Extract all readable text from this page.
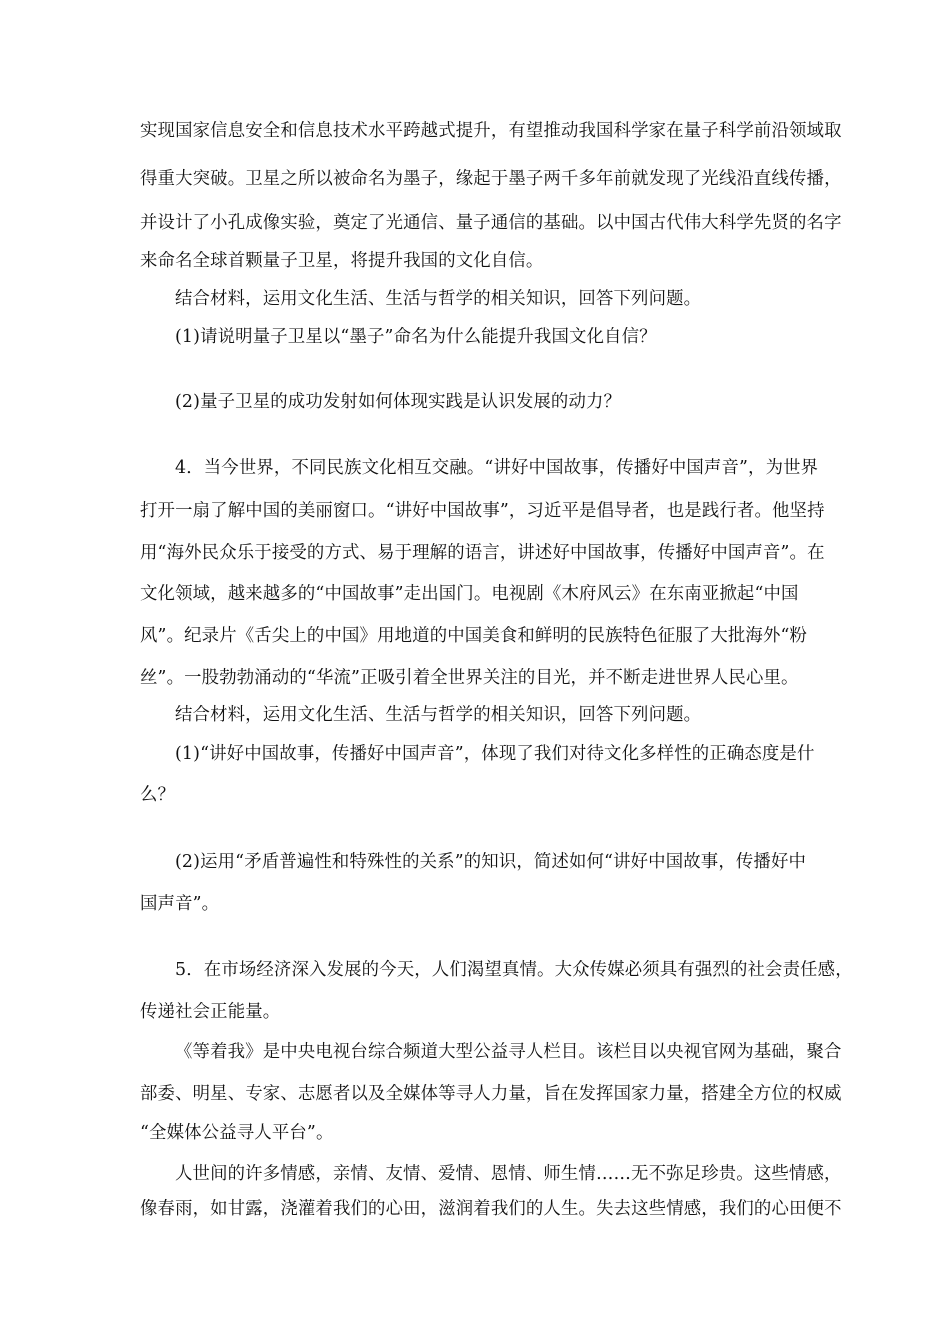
实现国家信息安全和信息技术水平跨越式提升，有望推动我国科学家在量子科学前沿领域取
得重大突破。卫星之所以被命名为墨子，缘起于墨子两千多年前就发现了光线沿直线传播，
并设计了小孔成像实验，奠定了光通信、量子通信的基础。以中国古代伟大科学先贤的名字
来命名全球首颗量子卫星，将提升我国的文化自信。
结合材料，运用文化生活、生活与哲学的相关知识，回答下列问题。
(1)请说明量子卫星以“墨子”命名为什么能提升我国文化自信？
(2)量子卫星的成功发射如何体现实践是认识发展的动力？
4．当今世界，不同民族文化相互交融。“讲好中国故事，传播好中国声音”，为世界
打开一扇了解中国的美丽窗口。“讲好中国故事”，习近平是倡导者，也是践行者。他坚持
用“海外民众乐于接受的方式、易于理解的语言，讲述好中国故事，传播好中国声音”。在
文化领域，越来越多的“中国故事”走出国门。电视剧《木府风云》在东南亚掀起“中国
风”。纪录片《舌尖上的中国》用地道的中国美食和鲜明的民族特色征服了大批海外“粉
丝”。一股勃勃涌动的“华流”正吸引着全世界关注的目光，并不断走进世界人民心里。
结合材料，运用文化生活、生活与哲学的相关知识，回答下列问题。
(1)“讲好中国故事，传播好中国声音”，体现了我们对待文化多样性的正确态度是什
么？
(2)运用“矛盾普遍性和特殊性的关系”的知识，简述如何“讲好中国故事，传播好中
国声音”。
5．在市场经济深入发展的今天，人们渴望真情。大众传媒必须具有强烈的社会责任感，
传递社会正能量。
《等着我》是中央电视台综合频道大型公益寻人栏目。该栏目以央视官网为基础，聚合
部委、明星、专家、志愿者以及全媒体等寻人力量，旨在发挥国家力量，搭建全方位的权威
“全媒体公益寻人平台”。
人世间的许多情感，亲情、友情、爱情、恩情、师生情……无不弥足珍贵。这些情感，
像春雨，如甘露，浇灌着我们的心田，滋润着我们的人生。失去这些情感，我们的心田便不
